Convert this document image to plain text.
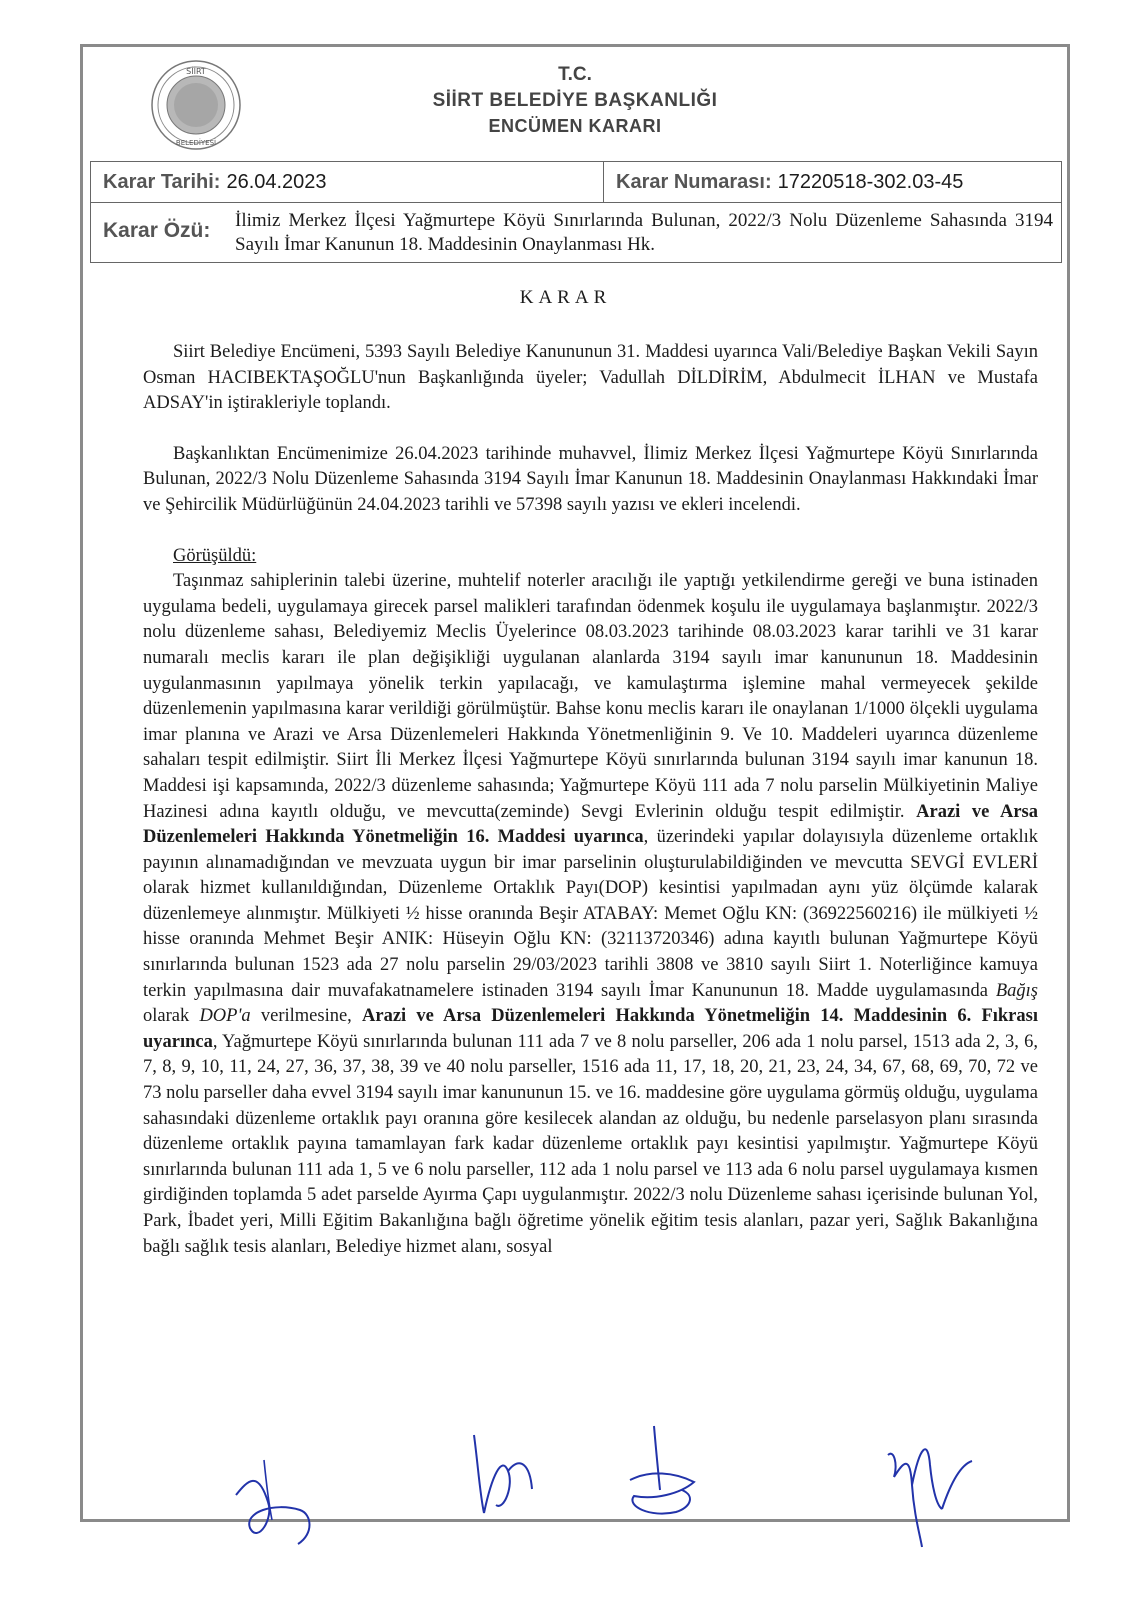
SİİRT
BELEDİYESİ
T.C.
SİİRT BELEDİYE BAŞKANLIĞI
ENCÜMEN KARARI
Karar Tarihi: 26.04.2023	Karar Numarası: 17220518-302.03-45
Karar Özü: İlimiz Merkez İlçesi Yağmurtepe Köyü Sınırlarında Bulunan, 2022/3 Nolu Düzenleme Sahasında 3194 Sayılı İmar Kanunun 18. Maddesinin Onaylanması Hk.
KARAR

Siirt Belediye Encümeni, 5393 Sayılı Belediye Kanununun 31. Maddesi uyarınca Vali/Belediye Başkan Vekili Sayın Osman HACIBEKTAŞOĞLU'nun Başkanlığında üyeler; Vadullah DİLDİRİM, Abdulmecit İLHAN ve Mustafa ADSAY'in iştirakleriyle toplandı.

Başkanlıktan Encümenimize 26.04.2023 tarihinde muhavvel, İlimiz Merkez İlçesi Yağmurtepe Köyü Sınırlarında Bulunan, 2022/3 Nolu Düzenleme Sahasında 3194 Sayılı İmar Kanunun 18. Maddesinin Onaylanması Hakkındaki İmar ve Şehircilik Müdürlüğünün 24.04.2023 tarihli ve 57398 sayılı yazısı ve ekleri incelendi.

Görüşüldü:

Taşınmaz sahiplerinin talebi üzerine, muhtelif noterler aracılığı ile yaptığı yetkilendirme gereği ve buna istinaden uygulama bedeli, uygulamaya girecek parsel malikleri tarafından ödenmek koşulu ile uygulamaya başlanmıştır. 2022/3 nolu düzenleme sahası, Belediyemiz Meclis Üyelerince 08.03.2023 tarihinde 08.03.2023 karar tarihli ve 31 karar numaralı meclis kararı ile plan değişikliği uygulanan alanlarda 3194 sayılı imar kanununun 18. Maddesinin uygulanmasının yapılmaya yönelik terkin yapılacağı, ve kamulaştırma işlemine mahal vermeyecek şekilde düzenlemenin yapılmasına karar verildiği görülmüştür. Bahse konu meclis kararı ile onaylanan 1/1000 ölçekli uygulama imar planına ve Arazi ve Arsa Düzenlemeleri Hakkında Yönetmenliğinin 9. Ve 10. Maddeleri uyarınca düzenleme sahaları tespit edilmiştir. Siirt İli Merkez İlçesi Yağmurtepe Köyü sınırlarında bulunan 3194 sayılı imar kanunun 18. Maddesi işi kapsamında, 2022/3 düzenleme sahasında; Yağmurtepe Köyü 111 ada 7 nolu parselin Mülkiyetinin Maliye Hazinesi adına kayıtlı olduğu, ve mevcutta(zeminde) Sevgi Evlerinin olduğu tespit edilmiştir. Arazi ve Arsa Düzenlemeleri Hakkında Yönetmeliğin 16. Maddesi uyarınca, üzerindeki yapılar dolayısıyla düzenleme ortaklık payının alınamadığından ve mevzuata uygun bir imar parselinin oluşturulabildiğinden ve mevcutta SEVGİ EVLERİ olarak hizmet kullanıldığından, Düzenleme Ortaklık Payı(DOP) kesintisi yapılmadan aynı yüz ölçümde kalarak düzenlemeye alınmıştır. Mülkiyeti ½ hisse oranında Beşir ATABAY: Memet Oğlu KN: (36922560216) ile mülkiyeti ½ hisse oranında Mehmet Beşir ANIK: Hüseyin Oğlu KN: (32113720346) adına kayıtlı bulunan Yağmurtepe Köyü sınırlarında bulunan 1523 ada 27 nolu parselin 29/03/2023 tarihli 3808 ve 3810 sayılı Siirt 1. Noterliğince kamuya terkin yapılmasına dair muvafakatnamelere istinaden 3194 sayılı İmar Kanununun 18. Madde uygulamasında Bağış olarak DOP'a verilmesine, Arazi ve Arsa Düzenlemeleri Hakkında Yönetmeliğin 14. Maddesinin 6. Fıkrası uyarınca, Yağmurtepe Köyü sınırlarında bulunan 111 ada 7 ve 8 nolu parseller, 206 ada 1 nolu parsel, 1513 ada 2, 3, 6, 7, 8, 9, 10, 11, 24, 27, 36, 37, 38, 39 ve 40 nolu parseller, 1516 ada 11, 17, 18, 20, 21, 23, 24, 34, 67, 68, 69, 70, 72 ve 73 nolu parseller daha evvel 3194 sayılı imar kanununun 15. ve 16. maddesine göre uygulama görmüş olduğu, uygulama sahasındaki düzenleme ortaklık payı oranına göre kesilecek alandan az olduğu, bu nedenle parselasyon planı sırasında düzenleme ortaklık payına tamamlayan fark kadar düzenleme ortaklık payı kesintisi yapılmıştır. Yağmurtepe Köyü sınırlarında bulunan 111 ada 1, 5 ve 6 nolu parseller, 112 ada 1 nolu parsel ve 113 ada 6 nolu parsel uygulamaya kısmen girdiğinden toplamda 5 adet parselde Ayırma Çapı uygulanmıştır. 2022/3 nolu Düzenleme sahası içerisinde bulunan Yol, Park, İbadet yeri, Milli Eğitim Bakanlığına bağlı öğretime yönelik eğitim tesis alanları, pazar yeri, Sağlık Bakanlığına bağlı sağlık tesis alanları, Belediye hizmet alanı, sosyal
